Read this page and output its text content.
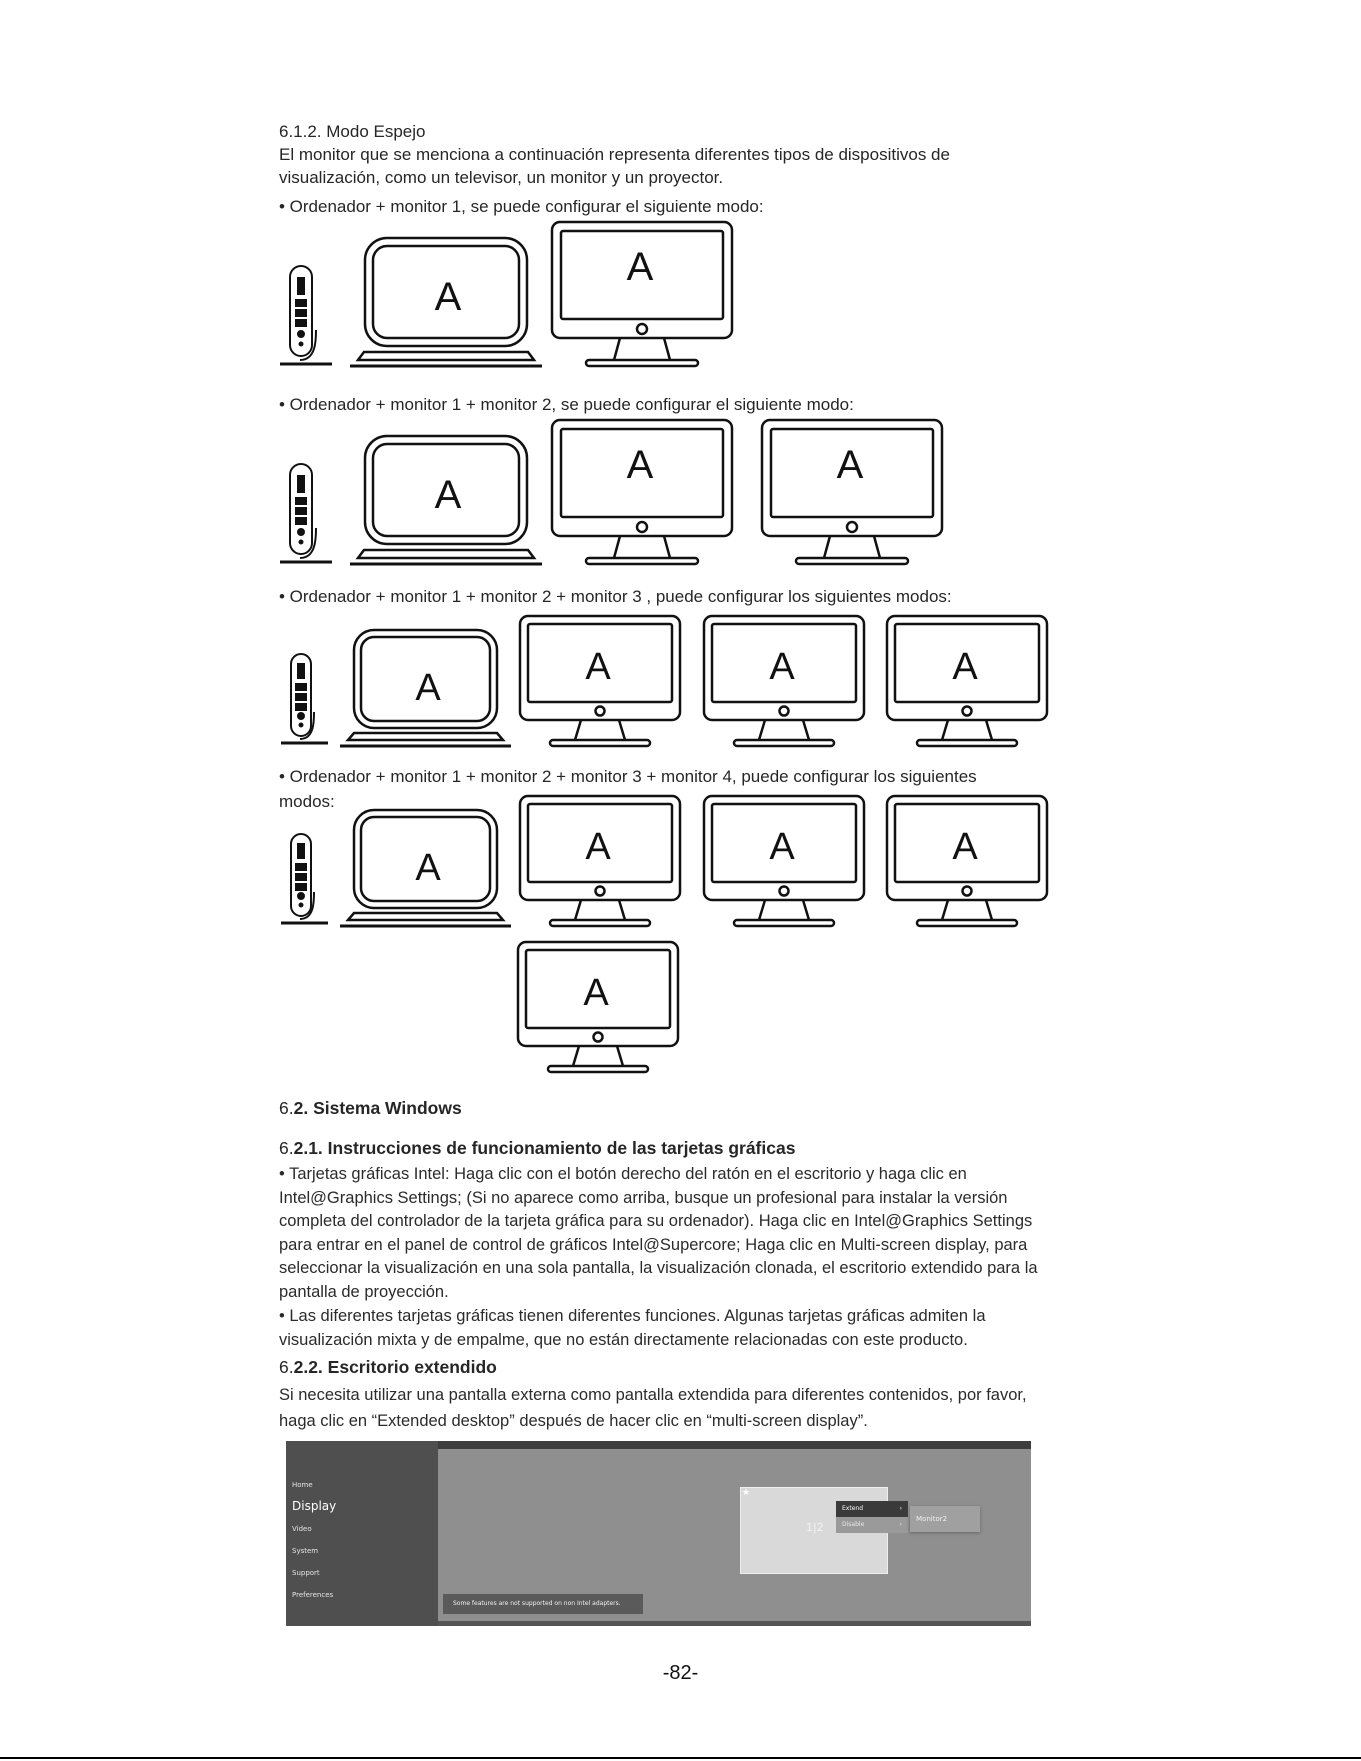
6.1.2. Modo Espejo

El monitor que se menciona a continuación representa diferentes tipos de dispositivos de

visualización, como un televisor, un monitor y un proyector.

• Ordenador + monitor 1, se puede configurar el siguiente modo:

A
A

• Ordenador + monitor 1 + monitor 2, se puede configurar el siguiente modo:

A
A	A

• Ordenador + monitor 1 + monitor 2 + monitor 3 , puede configurar los siguientes modos:

A	A	A	A

• Ordenador + monitor 1 + monitor 2 + monitor 3 + monitor 4, puede configurar los siguientes

modos:

A	A	A	A
A

6.2. Sistema Windows

6.2.1. Instrucciones de funcionamiento de las tarjetas gráficas

• Tarjetas gráficas Intel: Haga clic con el botón derecho del ratón en el escritorio y haga clic en Intel@Graphics Settings; (Si no aparece como arriba, busque un profesional para instalar la versión completa del controlador de la tarjeta gráfica para su ordenador). Haga clic en Intel@Graphics Settings para entrar en el panel de control de gráficos Intel@Supercore; Haga clic en Multi-screen display, para seleccionar la visualización en una sola pantalla, la visualización clonada, el escritorio extendido para la pantalla de proyección.

• Las diferentes tarjetas gráficas tienen diferentes funciones. Algunas tarjetas gráficas admiten la visualización mixta y de empalme, que no están directamente relacionadas con este producto.

6.2.2. Escritorio extendido

Si necesita utilizar una pantalla externa como pantalla extendida para diferentes contenidos, por favor, haga clic en “Extended desktop” después de hacer clic en “multi-screen display”.

Home
Display
Video
System
Support
Preferences
★
1|2
Extend	›
Disable	›
Monitor2
Some features are not supported on non Intel adapters.
-82-
